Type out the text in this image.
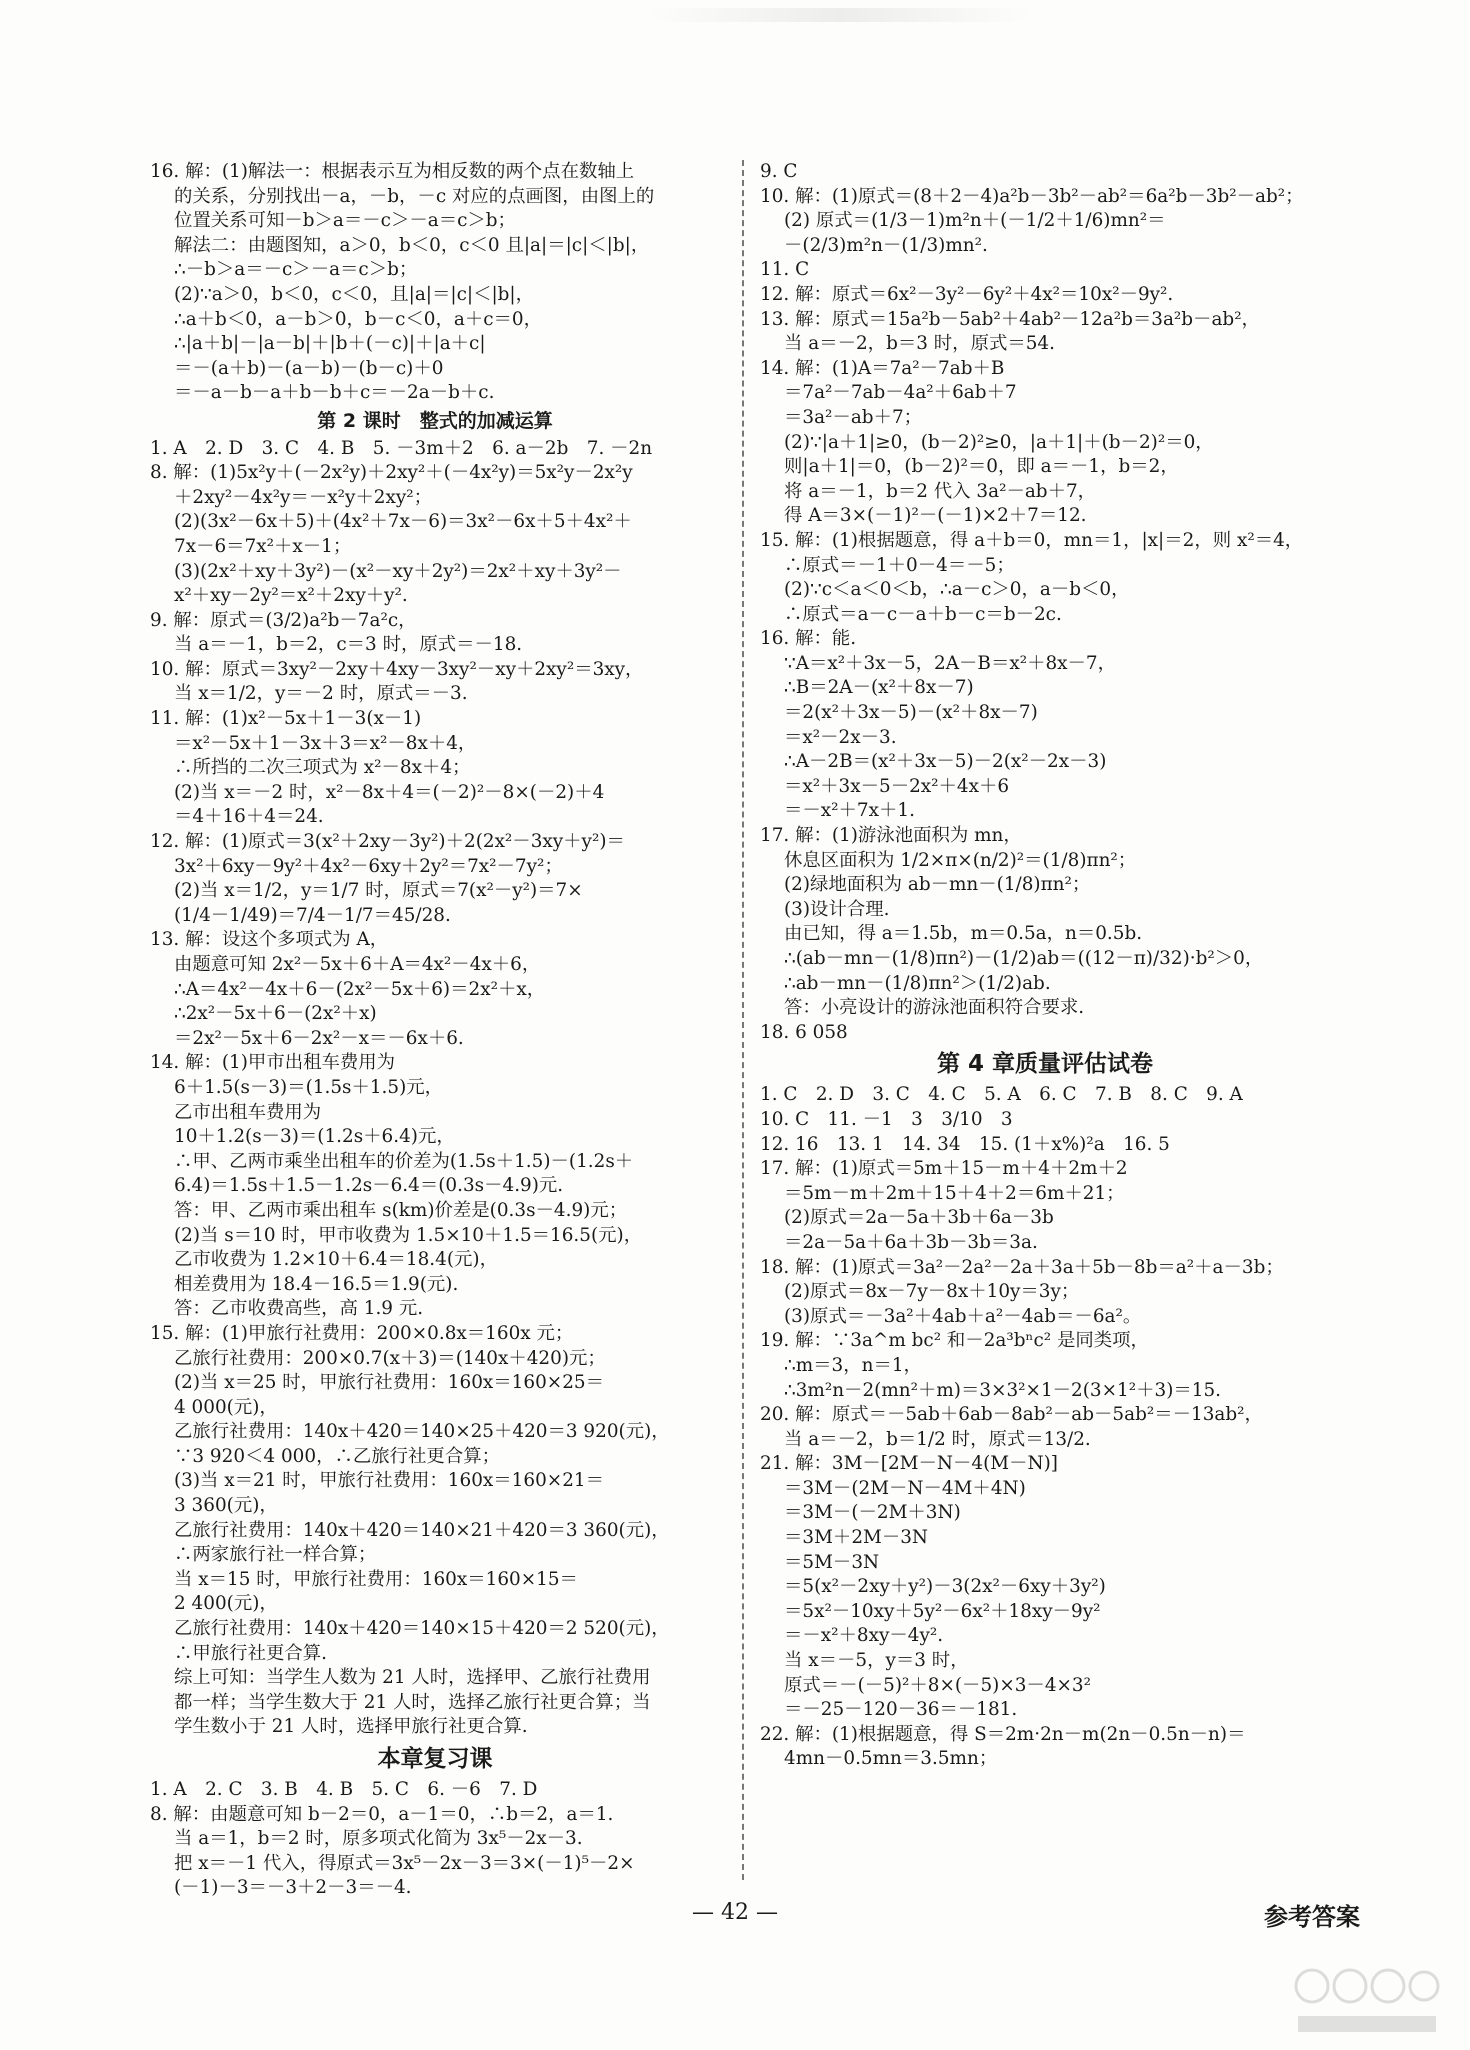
16. 解：(1)解法一：根据表示互为相反数的两个点在数轴上
的关系，分别找出－a，－b，－c 对应的点画图，由图上的
位置关系可知－b＞a＝－c＞－a＝c＞b；
解法二：由题图知，a＞0，b＜0，c＜0 且|a|＝|c|＜|b|，
∴－b＞a＝－c＞－a＝c＞b；
(2)∵a＞0，b＜0，c＜0，且|a|＝|c|＜|b|，
∴a＋b＜0，a－b＞0，b－c＜0，a＋c＝0，
∴|a＋b|－|a－b|＋|b＋(－c)|＋|a＋c|
＝－(a＋b)－(a－b)－(b－c)＋0
＝－a－b－a＋b－b＋c＝－2a－b＋c.
第 2 课时　整式的加减运算
1. A　2. D　3. C　4. B　5. －3m＋2　6. a－2b　7. －2n
8. 解：(1)5x²y＋(－2x²y)＋2xy²＋(－4x²y)＝5x²y－2x²y
＋2xy²－4x²y＝－x²y＋2xy²；
(2)(3x²－6x＋5)＋(4x²＋7x－6)＝3x²－6x＋5＋4x²＋
7x－6＝7x²＋x－1；
(3)(2x²＋xy＋3y²)－(x²－xy＋2y²)＝2x²＋xy＋3y²－
x²＋xy－2y²＝x²＋2xy＋y².
9. 解：原式＝(3/2)a²b－7a²c，
当 a＝－1，b＝2，c＝3 时，原式＝－18.
10. 解：原式＝3xy²－2xy＋4xy－3xy²－xy＋2xy²＝3xy，
当 x＝1/2，y＝－2 时，原式＝－3.
11. 解：(1)x²－5x＋1－3(x－1)
＝x²－5x＋1－3x＋3＝x²－8x＋4，
∴所挡的二次三项式为 x²－8x＋4；
(2)当 x＝－2 时，x²－8x＋4＝(－2)²－8×(－2)＋4
＝4＋16＋4＝24.
12. 解：(1)原式＝3(x²＋2xy－3y²)＋2(2x²－3xy＋y²)＝
3x²＋6xy－9y²＋4x²－6xy＋2y²＝7x²－7y²；
(2)当 x＝1/2，y＝1/7 时，原式＝7(x²－y²)＝7×
(1/4－1/49)＝7/4－1/7＝45/28.
13. 解：设这个多项式为 A，
由题意可知 2x²－5x＋6＋A＝4x²－4x＋6，
∴A＝4x²－4x＋6－(2x²－5x＋6)＝2x²＋x，
∴2x²－5x＋6－(2x²＋x)
＝2x²－5x＋6－2x²－x＝－6x＋6.
14. 解：(1)甲市出租车费用为
6＋1.5(s－3)＝(1.5s＋1.5)元，
乙市出租车费用为
10＋1.2(s－3)＝(1.2s＋6.4)元，
∴甲、乙两市乘坐出租车的价差为(1.5s＋1.5)－(1.2s＋
6.4)＝1.5s＋1.5－1.2s－6.4＝(0.3s－4.9)元.
答：甲、乙两市乘出租车 s(km)价差是(0.3s－4.9)元；
(2)当 s＝10 时，甲市收费为 1.5×10＋1.5＝16.5(元)，
乙市收费为 1.2×10＋6.4＝18.4(元)，
相差费用为 18.4－16.5＝1.9(元).
答：乙市收费高些，高 1.9 元.
15. 解：(1)甲旅行社费用：200×0.8x＝160x 元；
乙旅行社费用：200×0.7(x＋3)＝(140x＋420)元；
(2)当 x＝25 时，甲旅行社费用：160x＝160×25＝
4 000(元)，
乙旅行社费用：140x＋420＝140×25＋420＝3 920(元)，
∵3 920＜4 000，∴乙旅行社更合算；
(3)当 x＝21 时，甲旅行社费用：160x＝160×21＝
3 360(元)，
乙旅行社费用：140x＋420＝140×21＋420＝3 360(元)，
∴两家旅行社一样合算；
当 x＝15 时，甲旅行社费用：160x＝160×15＝
2 400(元)，
乙旅行社费用：140x＋420＝140×15＋420＝2 520(元)，
∴甲旅行社更合算.
综上可知：当学生人数为 21 人时，选择甲、乙旅行社费用
都一样；当学生数大于 21 人时，选择乙旅行社更合算；当
学生数小于 21 人时，选择甲旅行社更合算.
本章复习课
1. A　2. C　3. B　4. B　5. C　6. －6　7. D
8. 解：由题意可知 b－2＝0，a－1＝0，∴b＝2，a＝1.
当 a＝1，b＝2 时，原多项式化简为 3x⁵－2x－3.
把 x＝－1 代入，得原式＝3x⁵－2x－3＝3×(－1)⁵－2×
(－1)－3＝－3＋2－3＝－4.
9. C
10. 解：(1)原式＝(8＋2－4)a²b－3b²－ab²＝6a²b－3b²－ab²；
(2) 原式＝(1/3－1)m²n＋(－1/2＋1/6)mn²＝
－(2/3)m²n－(1/3)mn².
11. C
12. 解：原式＝6x²－3y²－6y²＋4x²＝10x²－9y².
13. 解：原式＝15a²b－5ab²＋4ab²－12a²b＝3a²b－ab²，
当 a＝－2，b＝3 时，原式＝54.
14. 解：(1)A＝7a²－7ab＋B
＝7a²－7ab－4a²＋6ab＋7
＝3a²－ab＋7；
(2)∵|a＋1|≥0，(b－2)²≥0，|a＋1|＋(b－2)²＝0，
则|a＋1|＝0，(b－2)²＝0，即 a＝－1，b＝2，
将 a＝－1，b＝2 代入 3a²－ab＋7，
得 A＝3×(－1)²－(－1)×2＋7＝12.
15. 解：(1)根据题意，得 a＋b＝0，mn＝1，|x|＝2，则 x²＝4，
∴原式＝－1＋0－4＝－5；
(2)∵c＜a＜0＜b，∴a－c＞0，a－b＜0，
∴原式＝a－c－a＋b－c＝b－2c.
16. 解：能.
∵A＝x²＋3x－5，2A－B＝x²＋8x－7，
∴B＝2A－(x²＋8x－7)
＝2(x²＋3x－5)－(x²＋8x－7)
＝x²－2x－3.
∴A－2B＝(x²＋3x－5)－2(x²－2x－3)
＝x²＋3x－5－2x²＋4x＋6
＝－x²＋7x＋1.
17. 解：(1)游泳池面积为 mn，
休息区面积为 1/2×π×(n/2)²＝(1/8)πn²；
(2)绿地面积为 ab－mn－(1/8)πn²；
(3)设计合理.
由已知，得 a＝1.5b，m＝0.5a，n＝0.5b.
∴(ab－mn－(1/8)πn²)－(1/2)ab＝((12－π)/32)·b²＞0，
∴ab－mn－(1/8)πn²＞(1/2)ab.
答：小亮设计的游泳池面积符合要求.
18. 6 058
第 4 章质量评估试卷
1. C　2. D　3. C　4. C　5. A　6. C　7. B　8. C　9. A
10. C　11. －1　3　3/10　3
12. 16　13. 1　14. 34　15. (1＋x%)²a　16. 5
17. 解：(1)原式＝5m＋15－m＋4＋2m＋2
＝5m－m＋2m＋15＋4＋2＝6m＋21；
(2)原式＝2a－5a＋3b＋6a－3b
＝2a－5a＋6a＋3b－3b＝3a.
18. 解：(1)原式＝3a²－2a²－2a＋3a＋5b－8b＝a²＋a－3b；
(2)原式＝8x－7y－8x＋10y＝3y；
(3)原式＝－3a²＋4ab＋a²－4ab＝－6a²。
19. 解：∵3a^m bc² 和－2a³bⁿc² 是同类项，
∴m＝3，n＝1，
∴3m²n－2(mn²＋m)＝3×3²×1－2(3×1²＋3)＝15.
20. 解：原式＝－5ab＋6ab－8ab²－ab－5ab²＝－13ab²，
当 a＝－2，b＝1/2 时，原式＝13/2.
21. 解：3M－[2M－N－4(M－N)]
＝3M－(2M－N－4M＋4N)
＝3M－(－2M＋3N)
＝3M＋2M－3N
＝5M－3N
＝5(x²－2xy＋y²)－3(2x²－6xy＋3y²)
＝5x²－10xy＋5y²－6x²＋18xy－9y²
＝－x²＋8xy－4y².
当 x＝－5，y＝3 时，
原式＝－(－5)²＋8×(－5)×3－4×3²
＝－25－120－36＝－181.
22. 解：(1)根据题意，得 S＝2m·2n－m(2n－0.5n－n)＝
4mn－0.5mn＝3.5mn；
— 42 —	参考答案
